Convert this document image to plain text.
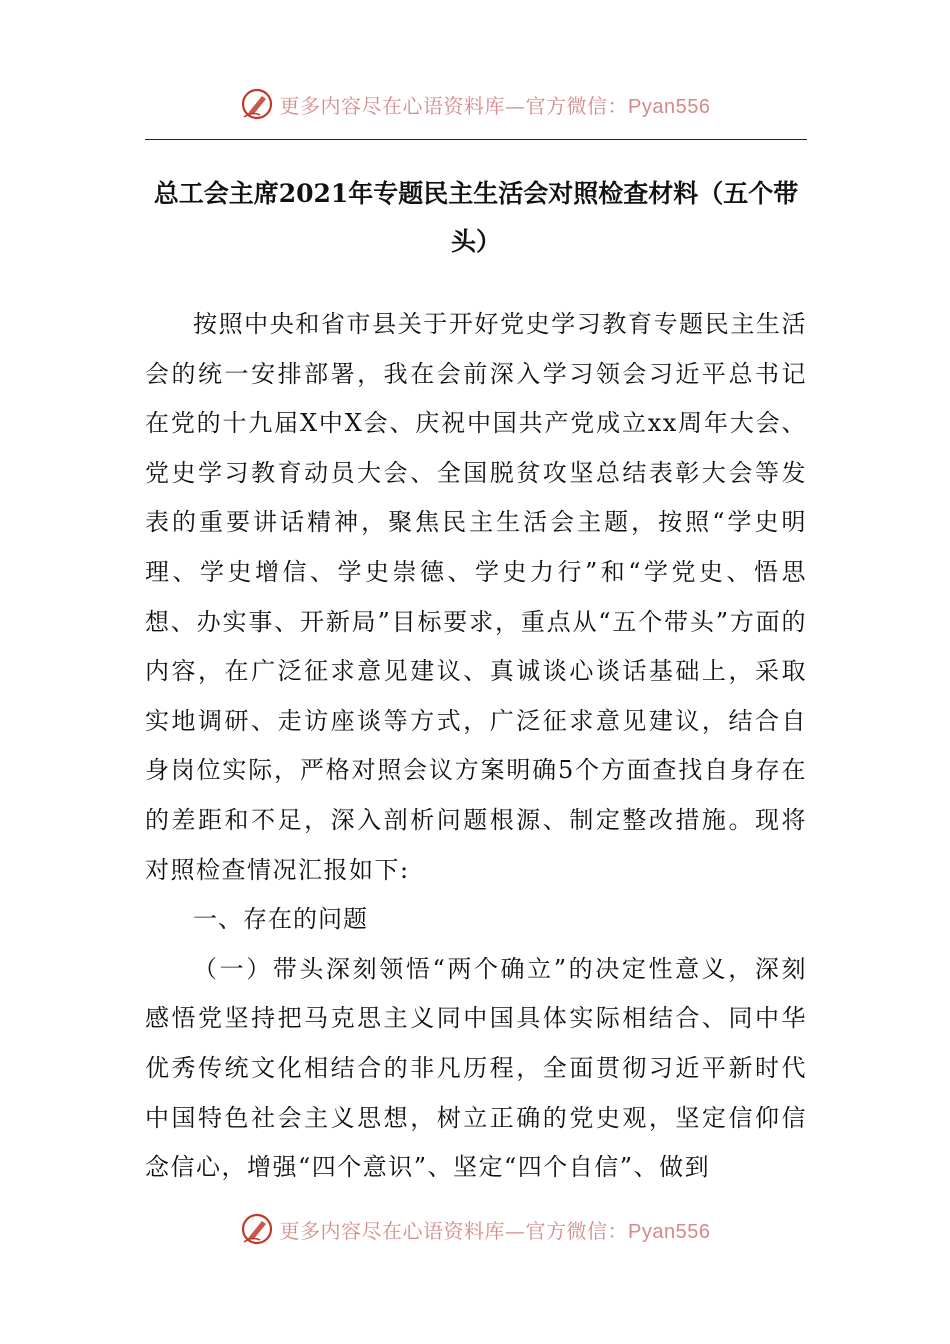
更多内容尽在心语资料库—官方微信：Pyan556
总工会主席2021年专题民主生活会对照检查材料（五个带头）

按照中央和省市县关于开好党史学习教育专题民主生活会的统一安排部署，我在会前深入学习领会习近平总书记在党的十九届X中X会、庆祝中国共产党成立xx周年大会、党史学习教育动员大会、全国脱贫攻坚总结表彰大会等发表的重要讲话精神，聚焦民主生活会主题，按照“学史明理、学史增信、学史崇德、学史力行”和“学党史、悟思想、办实事、开新局”目标要求，重点从“五个带头”方面的内容，在广泛征求意见建议、真诚谈心谈话基础上，采取实地调研、走访座谈等方式，广泛征求意见建议，结合自身岗位实际，严格对照会议方案明确5个方面查找自身存在的差距和不足，深入剖析问题根源、制定整改措施。现将对照检查情况汇报如下:

一、存在的问题

（一）带头深刻领悟“两个确立”的决定性意义，深刻感悟党坚持把马克思主义同中国具体实际相结合、同中华优秀传统文化相结合的非凡历程，全面贯彻习近平新时代中国特色社会主义思想，树立正确的党史观，坚定信仰信念信心，增强“四个意识”、坚定“四个自信”、做到

更多内容尽在心语资料库—官方微信：Pyan556
